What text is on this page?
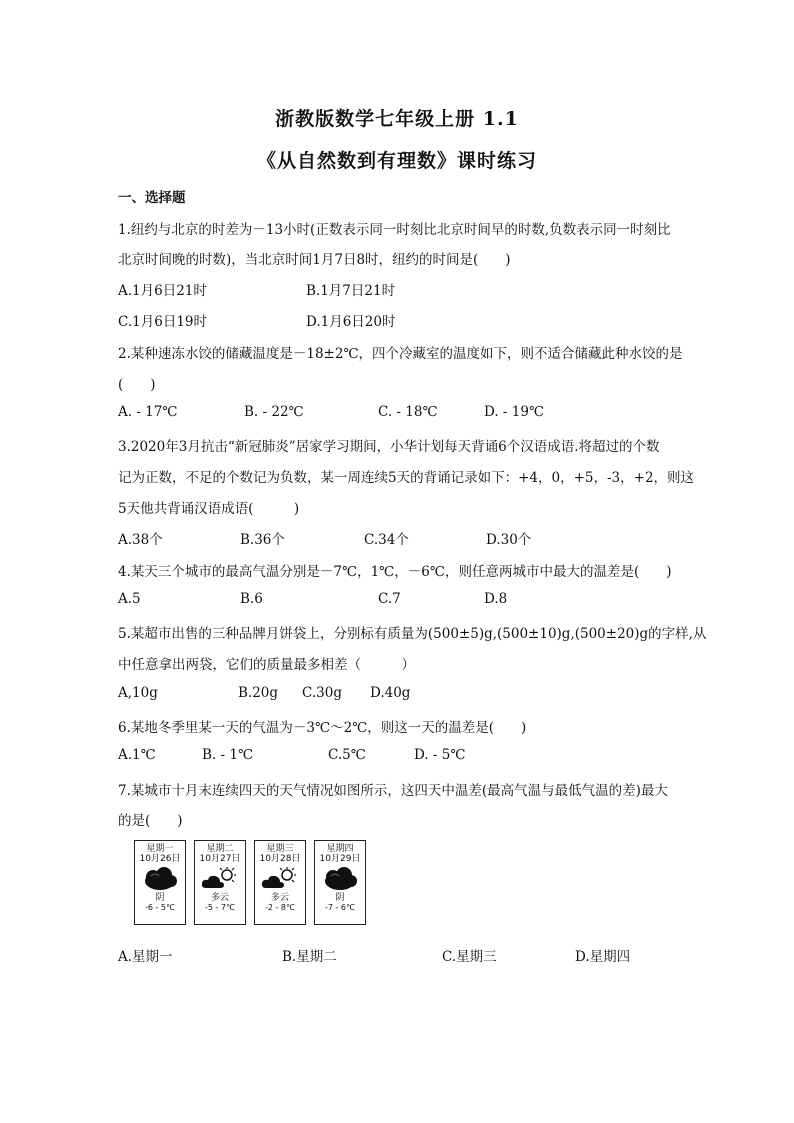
浙教版数学七年级上册 1.1
《从自然数到有理数》课时练习
一、选择题
1.纽约与北京的时差为－13小时(正数表示同一时刻比北京时间早的时数,负数表示同一时刻比
北京时间晚的时数)，当北京时间1月7日8时，纽约的时间是(　　)
A.1月6日21时	B.1月7日21时
C.1月6日19时	D.1月6日20时
2.某种速冻水饺的储藏温度是－18±2℃，四个冷藏室的温度如下，则不适合储藏此种水饺的是
(　　)
A. - 17℃	B. - 22℃	C. - 18℃	D. - 19℃
3.2020年3月抗击“新冠肺炎”居家学习期间，小华计划每天背诵6个汉语成语.将超过的个数
记为正数，不足的个数记为负数，某一周连续5天的背诵记录如下：+4，0，+5，-3，+2，则这
5天他共背诵汉语成语(　　　)
A.38个	B.36个	C.34个	D.30个
4.某天三个城市的最高气温分别是－7℃，1℃，－6℃，则任意两城市中最大的温差是(　　)
A.5	B.6	C.7	D.8
5.某超市出售的三种品牌月饼袋上，分别标有质量为(500±5)g,(500±10)g,(500±20)g的字样,从
中任意拿出两袋，它们的质量最多相差（　　　）
A,10g	B.20g C.30g D.40g
6.某地冬季里某一天的气温为－3℃～2℃，则这一天的温差是(　　)
A.1℃	B. - 1℃	C.5℃	D. - 5℃
7.某城市十月末连续四天的天气情况如图所示，这四天中温差(最高气温与最低气温的差)最大
的是(　　)
星期一
10月26日
阴
-6 - 5℃
星期二
10月27日
多云
-5 - 7℃
星期三
10月28日
多云
-2 - 8℃
星期四
10月29日
阴
-7 - 6℃
A.星期一	B.星期二	C.星期三	D.星期四
